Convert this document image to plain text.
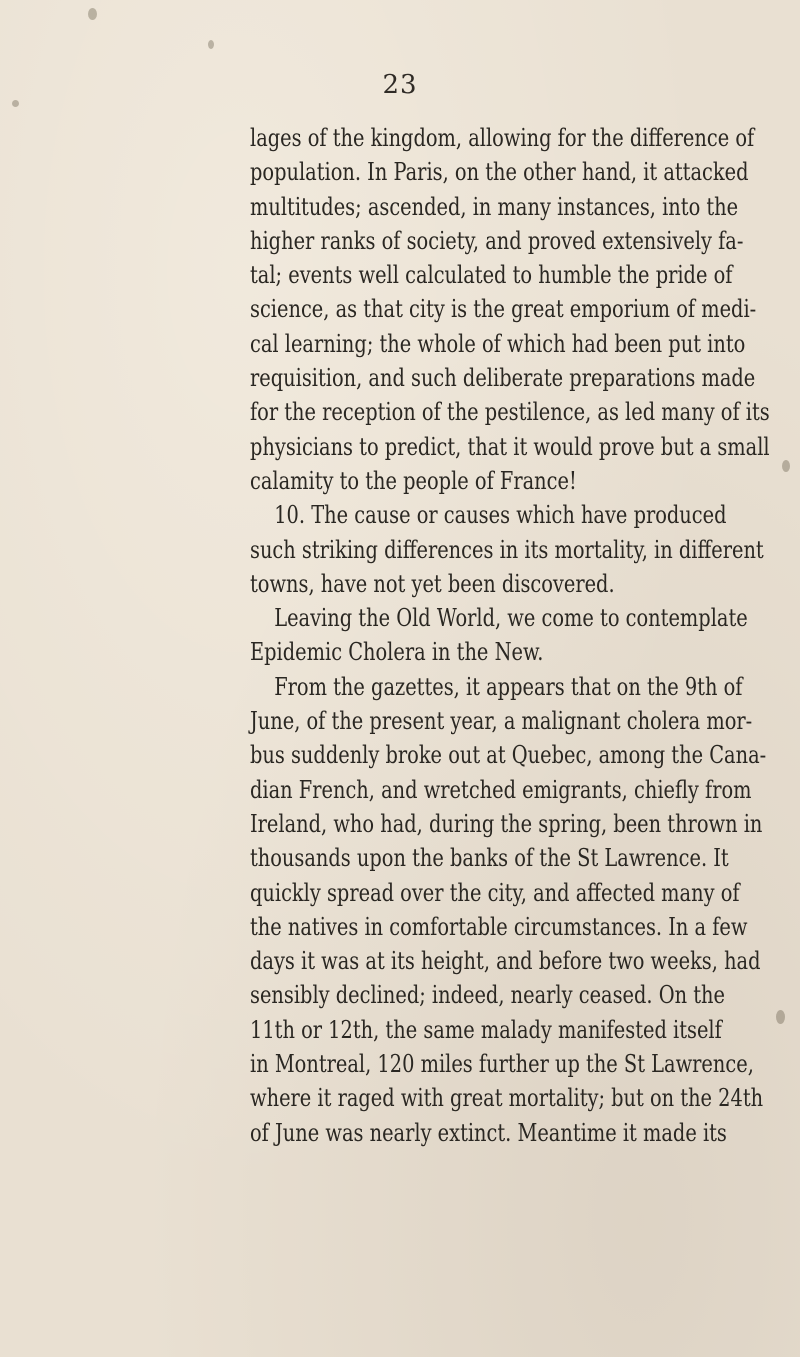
23
lages of the kingdom, allowing for the difference of
population. In Paris, on the other hand, it attacked
multitudes; ascended, in many instances, into the
higher ranks of society, and proved extensively fa-
tal; events well calculated to humble the pride of
science, as that city is the great emporium of medi-
cal learning; the whole of which had been put into
requisition, and such deliberate preparations made
for the reception of the pestilence, as led many of its
physicians to predict, that it would prove but a small
calamity to the people of France!
10. The cause or causes which have produced
such striking differences in its mortality, in different
towns, have not yet been discovered.
Leaving the Old World, we come to contemplate
Epidemic Cholera in the New.
From the gazettes, it appears that on the 9th of
June, of the present year, a malignant cholera mor-
bus suddenly broke out at Quebec, among the Cana-
dian French, and wretched emigrants, chiefly from
Ireland, who had, during the spring, been thrown in
thousands upon the banks of the St Lawrence. It
quickly spread over the city, and affected many of
the natives in comfortable circumstances. In a few
days it was at its height, and before two weeks, had
sensibly declined; indeed, nearly ceased. On the
11th or 12th, the same malady manifested itself
in Montreal, 120 miles further up the St Lawrence,
where it raged with great mortality; but on the 24th
of June was nearly extinct. Meantime it made its
